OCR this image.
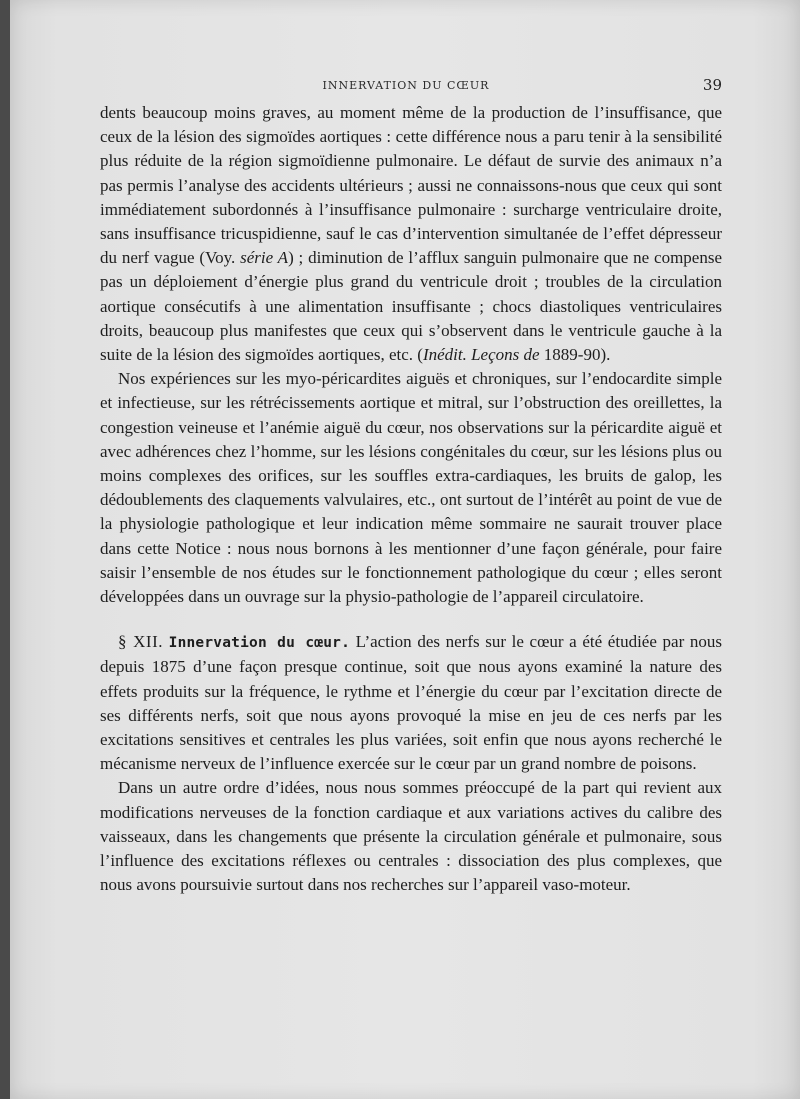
INNERVATION DU CŒUR	39

dents beaucoup moins graves, au moment même de la production de l’insuffisance, que ceux de la lésion des sigmoïdes aortiques : cette différence nous a paru tenir à la sensibilité plus réduite de la région sigmoïdienne pulmonaire. Le défaut de survie des animaux n’a pas permis l’analyse des accidents ultérieurs ; aussi ne connaissons-nous que ceux qui sont immédiatement subordonnés à l’insuffisance pulmonaire : surcharge ventriculaire droite, sans insuffisance tricuspidienne, sauf le cas d’intervention simultanée de l’effet dépresseur du nerf vague (Voy. série A) ; diminution de l’afflux sanguin pulmonaire que ne compense pas un déploiement d’énergie plus grand du ventricule droit ; troubles de la circulation aortique consécutifs à une alimentation insuffisante ; chocs diastoliques ventriculaires droits, beaucoup plus manifestes que ceux qui s’observent dans le ventricule gauche à la suite de la lésion des sigmoïdes aortiques, etc. (Inédit. Leçons de 1889-90).

Nos expériences sur les myo-péricardites aiguës et chroniques, sur l’endocardite simple et infectieuse, sur les rétrécissements aortique et mitral, sur l’obstruction des oreillettes, la congestion veineuse et l’anémie aiguë du cœur, nos observations sur la péricardite aiguë et avec adhérences chez l’homme, sur les lésions congénitales du cœur, sur les lésions plus ou moins complexes des orifices, sur les souffles extra-cardiaques, les bruits de galop, les dédoublements des claquements valvulaires, etc., ont surtout de l’intérêt au point de vue de la physiologie pathologique et leur indication même sommaire ne saurait trouver place dans cette Notice : nous nous bornons à les mentionner d’une façon générale, pour faire saisir l’ensemble de nos études sur le fonctionnement pathologique du cœur ; elles seront développées dans un ouvrage sur la physio-pathologie de l’appareil circulatoire.

§ XII. Innervation du cœur. L’action des nerfs sur le cœur a été étudiée par nous depuis 1875 d’une façon presque continue, soit que nous ayons examiné la nature des effets produits sur la fréquence, le rythme et l’énergie du cœur par l’excitation directe de ses différents nerfs, soit que nous ayons provoqué la mise en jeu de ces nerfs par les excitations sensitives et centrales les plus variées, soit enfin que nous ayons recherché le mécanisme nerveux de l’influence exercée sur le cœur par un grand nombre de poisons.

Dans un autre ordre d’idées, nous nous sommes préoccupé de la part qui revient aux modifications nerveuses de la fonction cardiaque et aux variations actives du calibre des vaisseaux, dans les changements que présente la circulation générale et pulmonaire, sous l’influence des excitations réflexes ou centrales : dissociation des plus complexes, que nous avons poursuivie surtout dans nos recherches sur l’appareil vaso-moteur.
